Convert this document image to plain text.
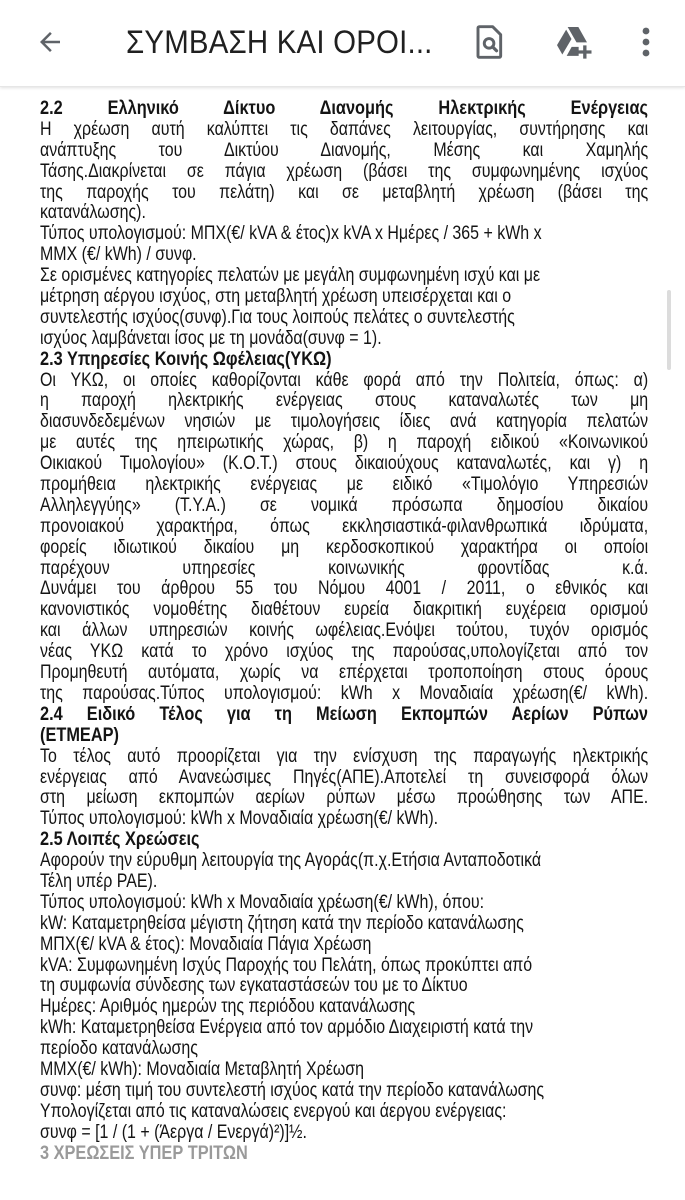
ΣΥΜΒΑΣΗ ΚΑΙ ΟΡΟΙ...
2.2 Ελληνικό Δίκτυο Διανομής Ηλεκτρικής Ενέργειας
Η χρέωση αυτή καλύπτει τις δαπάνες λειτουργίας, συντήρησης και
ανάπτυξης του Δικτύου Διανομής, Μέσης και Χαμηλής
Τάσης.Διακρίνεται σε πάγια χρέωση (βάσει της συμφωνημένης ισχύος
της παροχής του πελάτη) και σε μεταβλητή χρέωση (βάσει της
κατανάλωσης).
Τύπος υπολογισμού: ΜΠΧ(€/ kVA & έτος)x kVA x Ημέρες / 365 + kWh x
ΜΜΧ (€/ kWh) / συνφ.
Σε ορισμένες κατηγορίες πελατών με μεγάλη συμφωνημένη ισχύ και με
μέτρηση αέργου ισχύος, στη μεταβλητή χρέωση υπεισέρχεται και ο
συντελεστής ισχύος(συνφ).Για τους λοιπούς πελάτες ο συντελεστής
ισχύος λαμβάνεται ίσος με τη μονάδα(συνφ = 1).
2.3 Υπηρεσίες Κοινής Ωφέλειας(ΥΚΩ)
Οι ΥΚΩ, οι οποίες καθορίζονται κάθε φορά από την Πολιτεία, όπως: α)
η παροχή ηλεκτρικής ενέργειας στους καταναλωτές των μη
διασυνδεδεμένων νησιών με τιμολογήσεις ίδιες ανά κατηγορία πελατών
με αυτές της ηπειρωτικής χώρας, β) η παροχή ειδικού «Κοινωνικού
Οικιακού Τιμολογίου» (Κ.Ο.Τ.) στους δικαιούχους καταναλωτές, και γ) η
προμήθεια ηλεκτρικής ενέργειας με ειδικό «Τιμολόγιο Υπηρεσιών
Αλληλεγγύης» (Τ.Υ.Α.) σε νομικά πρόσωπα δημοσίου δικαίου
προνοιακού χαρακτήρα, όπως εκκλησιαστικά-φιλανθρωπικά ιδρύματα,
φορείς ιδιωτικού δικαίου μη κερδοσκοπικού χαρακτήρα οι οποίοι
παρέχουν υπηρεσίες κοινωνικής φροντίδας κ.ά.
Δυνάμει του άρθρου 55 του Νόμου 4001 / 2011, ο εθνικός και
κανονιστικός νομοθέτης διαθέτουν ευρεία διακριτική ευχέρεια ορισμού
και άλλων υπηρεσιών κοινής ωφέλειας.Ενόψει τούτου, τυχόν ορισμός
νέας ΥΚΩ κατά το χρόνο ισχύος της παρούσας,υπολογίζεται από τον
Προμηθευτή αυτόματα, χωρίς να επέρχεται τροποποίηση στους όρους
της παρούσας.Τύπος υπολογισμού: kWh x Μοναδιαία χρέωση(€/ kWh).
2.4 Ειδικό Τέλος για τη Μείωση Εκπομπών Αερίων Ρύπων
(ΕΤΜΕΑΡ)
Το τέλος αυτό προορίζεται για την ενίσχυση της παραγωγής ηλεκτρικής
ενέργειας από Ανανεώσιμες Πηγές(ΑΠΕ).Αποτελεί τη συνεισφορά όλων
στη μείωση εκπομπών αερίων ρύπων μέσω προώθησης των ΑΠΕ.
Τύπος υπολογισμού: kWh x Μοναδιαία χρέωση(€/ kWh).
2.5 Λοιπές Χρεώσεις
Αφορούν την εύρυθμη λειτουργία της Αγοράς(π.χ.Ετήσια Ανταποδοτικά
Τέλη υπέρ ΡΑΕ).
Τύπος υπολογισμού: kWh x Μοναδιαία χρέωση(€/ kWh), όπου:
kW: Καταμετρηθείσα μέγιστη ζήτηση κατά την περίοδο κατανάλωσης
ΜΠΧ(€/ kVA & έτος): Μοναδιαία Πάγια Χρέωση
kVA: Συμφωνημένη Ισχύς Παροχής του Πελάτη, όπως προκύπτει από
τη συμφωνία σύνδεσης των εγκαταστάσεών του με το Δίκτυο
Ημέρες: Αριθμός ημερών της περιόδου κατανάλωσης
kWh: Καταμετρηθείσα Ενέργεια από τον αρμόδιο Διαχειριστή κατά την
περίοδο κατανάλωσης
ΜΜΧ(€/ kWh): Μοναδιαία Μεταβλητή Χρέωση
συνφ: μέση τιμή του συντελεστή ισχύος κατά την περίοδο κατανάλωσης
Υπολογίζεται από τις καταναλώσεις ενεργού και άεργου ενέργειας:
συνφ = [1 / (1 + (Άεργα / Ενεργά)²)]½.
3 ΧΡΕΩΣΕΙΣ ΥΠΕΡ ΤΡΙΤΩΝ
